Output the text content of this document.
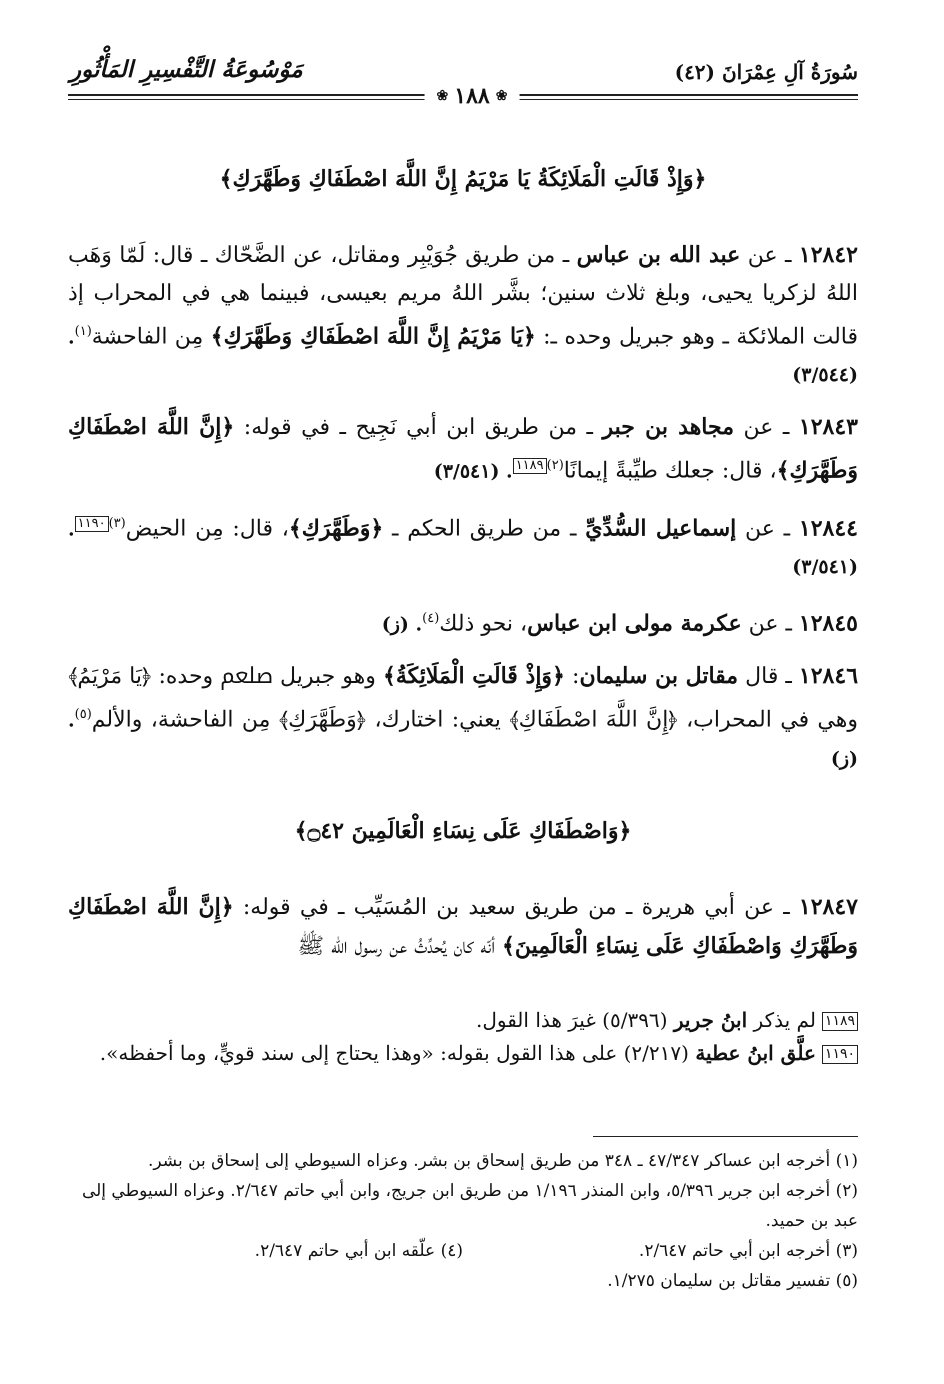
سُورَةُ آلِ عِمْرَانَ (٤٢)
مَوْسُوعَةُ التَّفْسِيرِ المَأْثُورِ
❀
١٨٨
❀
﴿وَإِذْ قَالَتِ الْمَلَائِكَةُ يَا مَرْيَمُ إِنَّ اللَّهَ اصْطَفَاكِ وَطَهَّرَكِ﴾
١٢٨٤٢ ـ عن عبد الله بن عباس ـ من طريق جُوَيْبِر ومقاتل، عن الضَّحّاك ـ قال: لَمّا وَهَب اللهُ لزكريا يحيى، وبلغ ثلاث سنين؛ بشَّر اللهُ مريم بعيسى، فبينما هي في المحراب إذ قالت الملائكة ـ وهو جبريل وحده ـ: ﴿يَا مَرْيَمُ إِنَّ اللَّهَ اصْطَفَاكِ وَطَهَّرَكِ﴾ مِن الفاحشة$^{(١)}$. (٣/٥٤٤)
١٢٨٤٣ ـ عن مجاهد بن جبر ـ من طريق ابن أبي نَجِيح ـ في قوله: ﴿إِنَّ اللَّهَ اصْطَفَاكِ وَطَهَّرَكِ﴾، قال: جعلك طيِّبةً إيمانًا$^{(٢)}$١١٨٩. (٣/٥٤١)
١٢٨٤٤ ـ عن إسماعيل السُّدِّيِّ ـ من طريق الحكم ـ ﴿وَطَهَّرَكِ﴾، قال: مِن الحيض$^{(٣)}$١١٩٠. (٣/٥٤١)
١٢٨٤٥ ـ عن عكرمة مولى ابن عباس، نحو ذلك$^{(٤)}$. (ز)
١٢٨٤٦ ـ قال مقاتل بن سليمان: ﴿وَإِذْ قَالَتِ الْمَلَائِكَةُ﴾ وهو جبريل ﷵ وحده: ﴿يَا مَرْيَمُ﴾ وهي في المحراب، ﴿إِنَّ اللَّهَ اصْطَفَاكِ﴾ يعني: اختارك، ﴿وَطَهَّرَكِ﴾ مِن الفاحشة، والألم$^{(٥)}$. (ز)
﴿وَاصْطَفَاكِ عَلَى نِسَاءِ الْعَالَمِينَ ۝٤٢﴾
١٢٨٤٧ ـ عن أبي هريرة ـ من طريق سعيد بن المُسَيِّب ـ في قوله: ﴿إِنَّ اللَّهَ اصْطَفَاكِ وَطَهَّرَكِ وَاصْطَفَاكِ عَلَى نِسَاءِ الْعَالَمِينَ﴾ أنّه كان يُحدِّثُ عن رسول الله ﷺ
١١٨٩لم يذكر ابنُ جرير (٥/٣٩٦) غيرَ هذا القول.
١١٩٠علَّق ابنُ عطية (٢/٢١٧) على هذا القول بقوله: «وهذا يحتاج إلى سند قويٍّ، وما أحفظه».
(١) أخرجه ابن عساكر ٤٧/٣٤٧ ـ ٣٤٨ من طريق إسحاق بن بشر. وعزاه السيوطي إلى إسحاق بن بشر.
(٢) أخرجه ابن جرير ٥/٣٩٦، وابن المنذر ١/١٩٦ من طريق ابن جريج، وابن أبي حاتم ٢/٦٤٧. وعزاه السيوطي إلى عبد بن حميد.
(٣) أخرجه ابن أبي حاتم ٢/٦٤٧.
(٤) علّقه ابن أبي حاتم ٢/٦٤٧.
(٥) تفسير مقاتل بن سليمان ١/٢٧٥.
